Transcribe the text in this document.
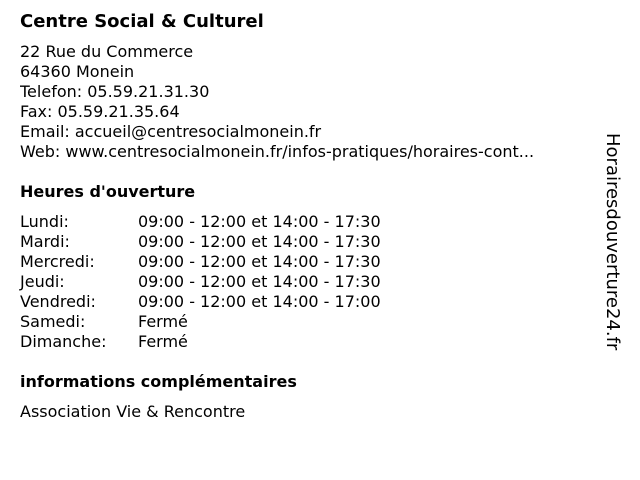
Centre Social & Culturel
22 Rue du Commerce
64360 Monein
Telefon: 05.59.21.31.30
Fax: 05.59.21.35.64
Email: accueil@centresocialmonein.fr
Web: www.centresocialmonein.fr/infos-pratiques/horaires-cont...
Heures d'ouverture
Lundi:	09:00 - 12:00 et 14:00 - 17:30
Mardi:	09:00 - 12:00 et 14:00 - 17:30
Mercredi:	09:00 - 12:00 et 14:00 - 17:30
Jeudi:	09:00 - 12:00 et 14:00 - 17:30
Vendredi:	09:00 - 12:00 et 14:00 - 17:00
Samedi:	Fermé
Dimanche:	Fermé
informations complémentaires
Association Vie & Rencontre
Horairesdouverture24.fr
